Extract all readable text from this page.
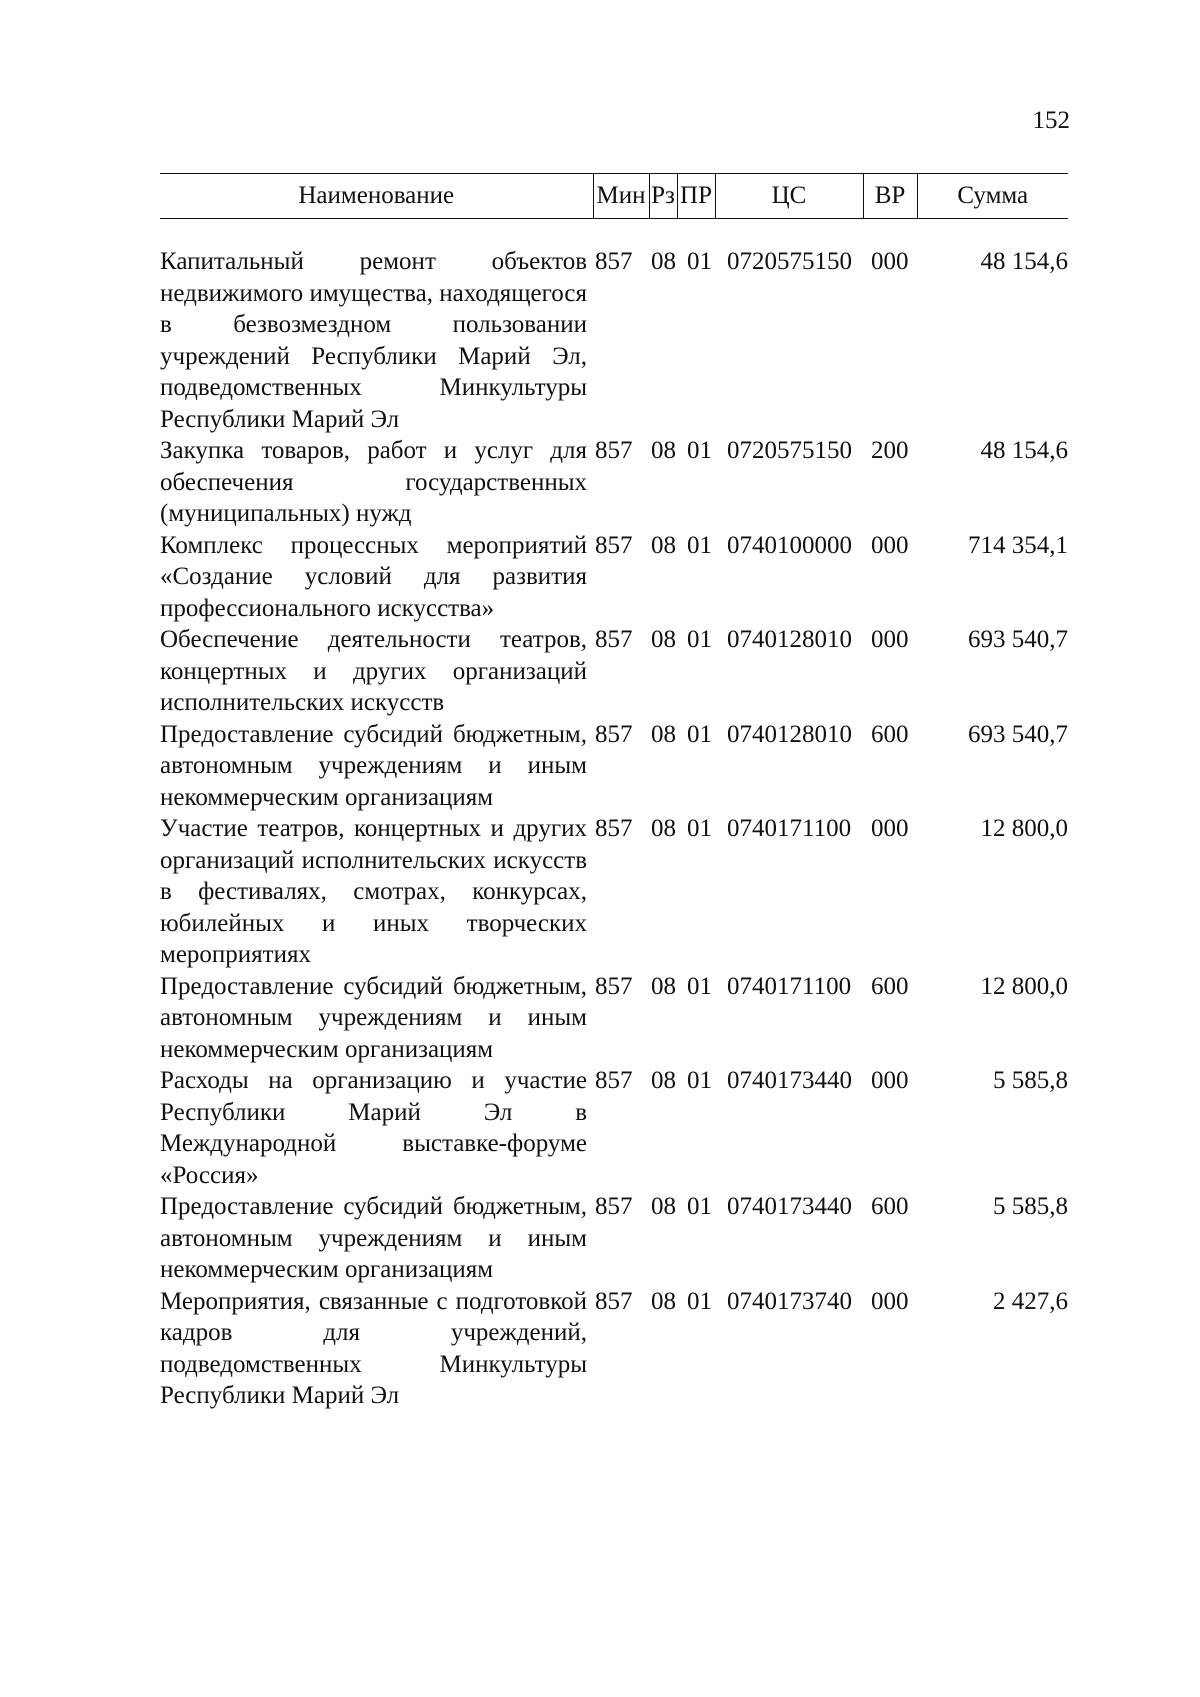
152
Наименование	Мин	Рз	ПР	ЦС	ВР	Сумма
Капитальный ремонт объектов недвижимого имущества, находящегося в безвозмездном пользовании учреждений Республики Марий Эл, подведомственных Минкультуры Республики Марий Эл	857	08	01	0720575150	000	48 154,6
Закупка товаров, работ и услуг для обеспечения государственных (муниципальных) нужд	857	08	01	0720575150	200	48 154,6
Комплекс процессных мероприятий «Создание условий для развития профессионального искусства»	857	08	01	0740100000	000	714 354,1
Обеспечение деятельности театров, концертных и других организаций исполнительских искусств	857	08	01	0740128010	000	693 540,7
Предоставление субсидий бюджетным, автономным учреждениям и иным некоммерческим организациям	857	08	01	0740128010	600	693 540,7
Участие театров, концертных и других организаций исполнительских искусств в фестивалях, смотрах, конкурсах, юбилейных и иных творческих мероприятиях	857	08	01	0740171100	000	12 800,0
Предоставление субсидий бюджетным, автономным учреждениям и иным некоммерческим организациям	857	08	01	0740171100	600	12 800,0
Расходы на организацию и участие Республики Марий Эл в Международной выставке-форуме «Россия»	857	08	01	0740173440	000	5 585,8
Предоставление субсидий бюджетным, автономным учреждениям и иным некоммерческим организациям	857	08	01	0740173440	600	5 585,8
Мероприятия, связанные с подготовкой кадров для учреждений, подведомственных Минкультуры Республики Марий Эл	857	08	01	0740173740	000	2 427,6
